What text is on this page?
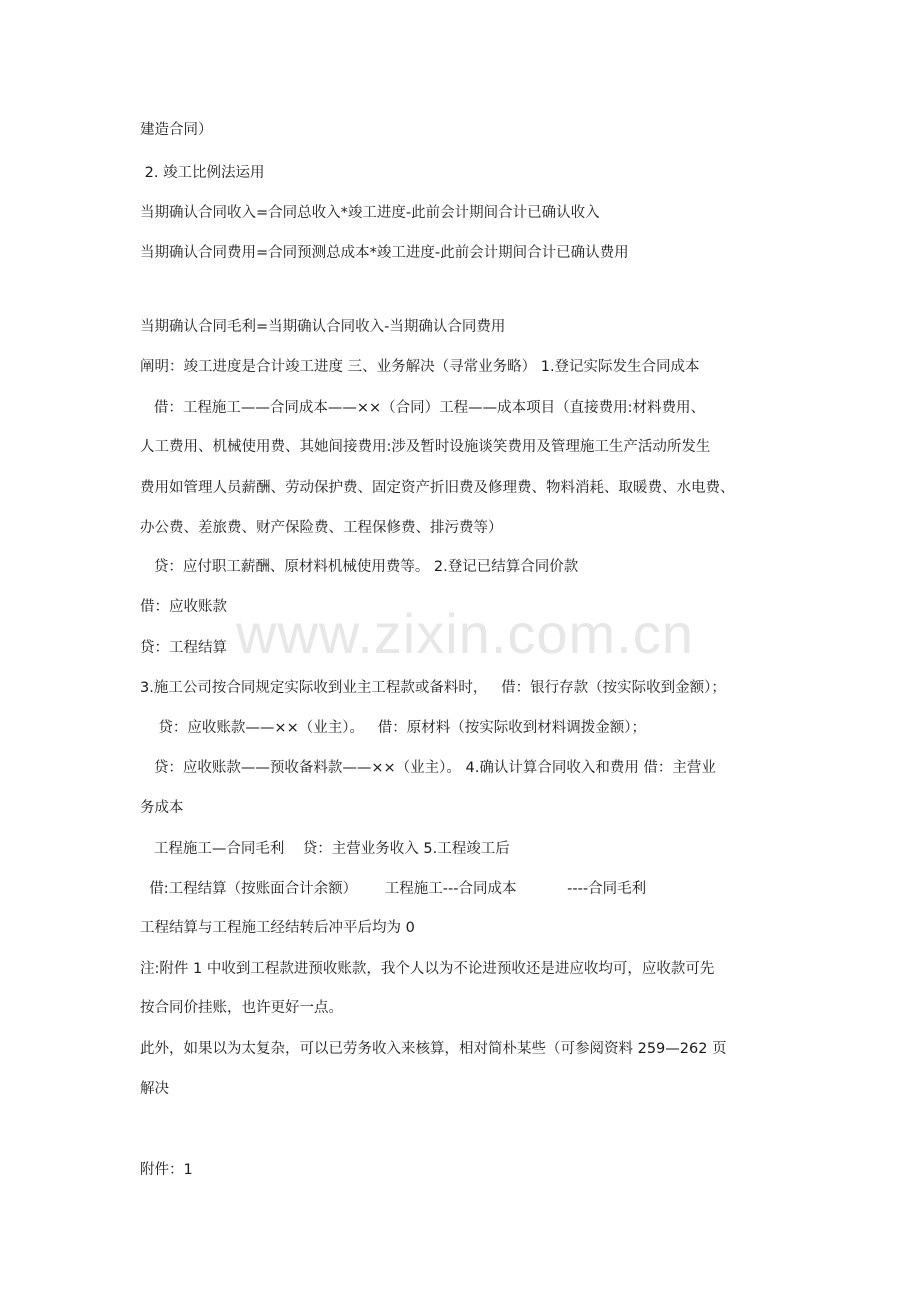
www.zixin.com.cn

建造合同）

2. 竣工比例法运用

当期确认合同收入=合同总收入*竣工进度-此前会计期间合计已确认收入

当期确认合同费用=合同预测总成本*竣工进度-此前会计期间合计已确认费用

当期确认合同毛利=当期确认合同收入-当期确认合同费用

阐明：竣工进度是合计竣工进度 三、业务解决（寻常业务略） 1.登记实际发生合同成本

借：工程施工——合同成本——××（合同）工程——成本项目（直接费用:材料费用、

人工费用、机械使用费、其她间接费用:涉及暂时设施谈笑费用及管理施工生产活动所发生

费用如管理人员薪酬、劳动保护费、固定资产折旧费及修理费、物料消耗、取暖费、水电费、

办公费、差旅费、财产保险费、工程保修费、排污费等）

贷：应付职工薪酬、原材料机械使用费等。 2.登记已结算合同价款

借：应收账款

贷：工程结算

3.施工公司按合同规定实际收到业主工程款或备料时，   借：银行存款（按实际收到金额）；

贷：应收账款——××（业主）。   借：原材料（按实际收到材料调拨金额）；

贷：应收账款——预收备料款——××（业主）。 4.确认计算合同收入和费用 借：主营业

务成本

工程施工—合同毛利    贷：主营业务收入 5.工程竣工后

借:工程结算（按账面合计余额）      工程施工---合同成本           ----合同毛利

工程结算与工程施工经结转后冲平后均为 0

注:附件 1 中收到工程款进预收账款，我个人以为不论进预收还是进应收均可，应收款可先

按合同价挂账，也许更好一点。

此外，如果以为太复杂，可以已劳务收入来核算，相对简朴某些（可参阅资料 259—262 页

解决

附件：1
